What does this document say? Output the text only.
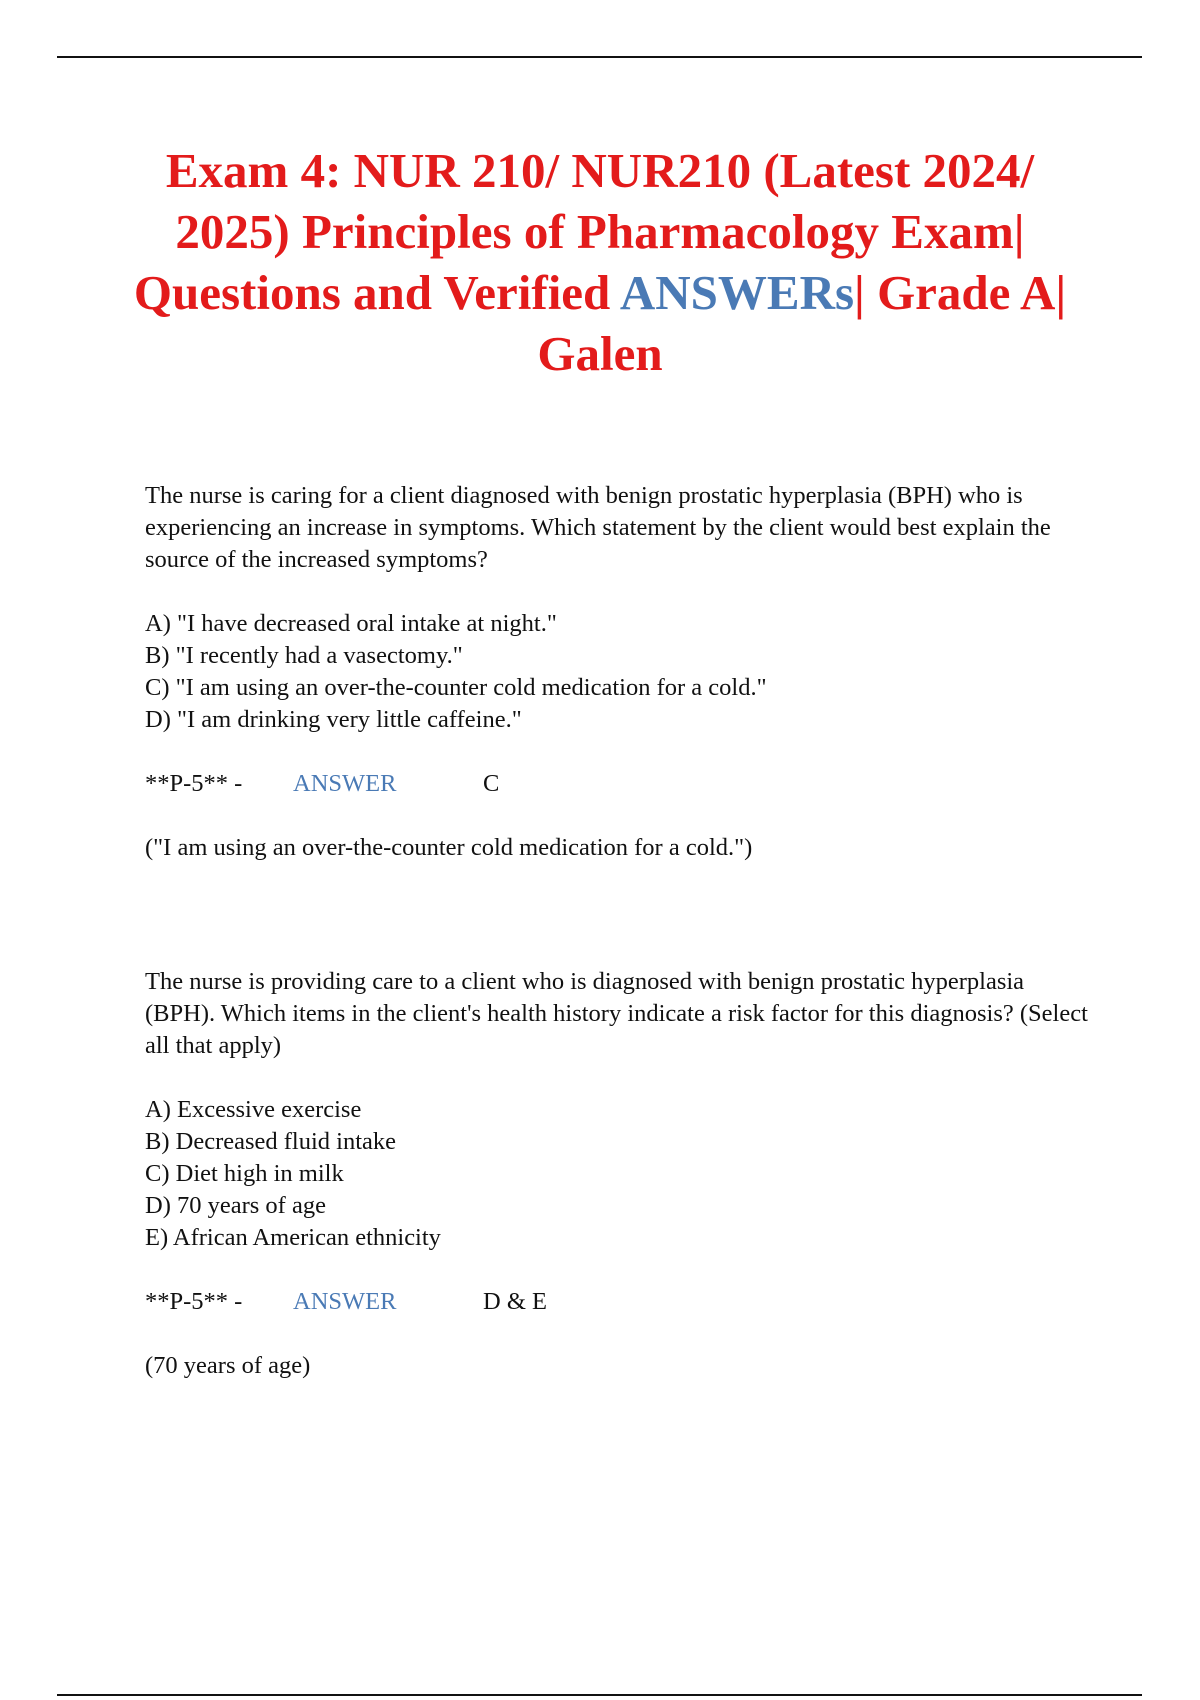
Exam 4: NUR 210/ NUR210 (Latest 2024/ 2025) Principles of Pharmacology Exam| Questions and Verified ANSWERs| Grade A| Galen

The nurse is caring for a client diagnosed with benign prostatic hyperplasia (BPH) who is experiencing an increase in symptoms. Which statement by the client would best explain the source of the increased symptoms?

A) "I have decreased oral intake at night."
B) "I recently had a vasectomy."
C) "I am using an over-the-counter cold medication for a cold."
D) "I am drinking very little caffeine."

**P-5** - ANSWER	C

("I am using an over-the-counter cold medication for a cold.")

The nurse is providing care to a client who is diagnosed with benign prostatic hyperplasia (BPH). Which items in the client's health history indicate a risk factor for this diagnosis? (Select all that apply)

A) Excessive exercise
B) Decreased fluid intake
C) Diet high in milk
D) 70 years of age
E) African American ethnicity

**P-5** - ANSWER	D & E

(70 years of age)
